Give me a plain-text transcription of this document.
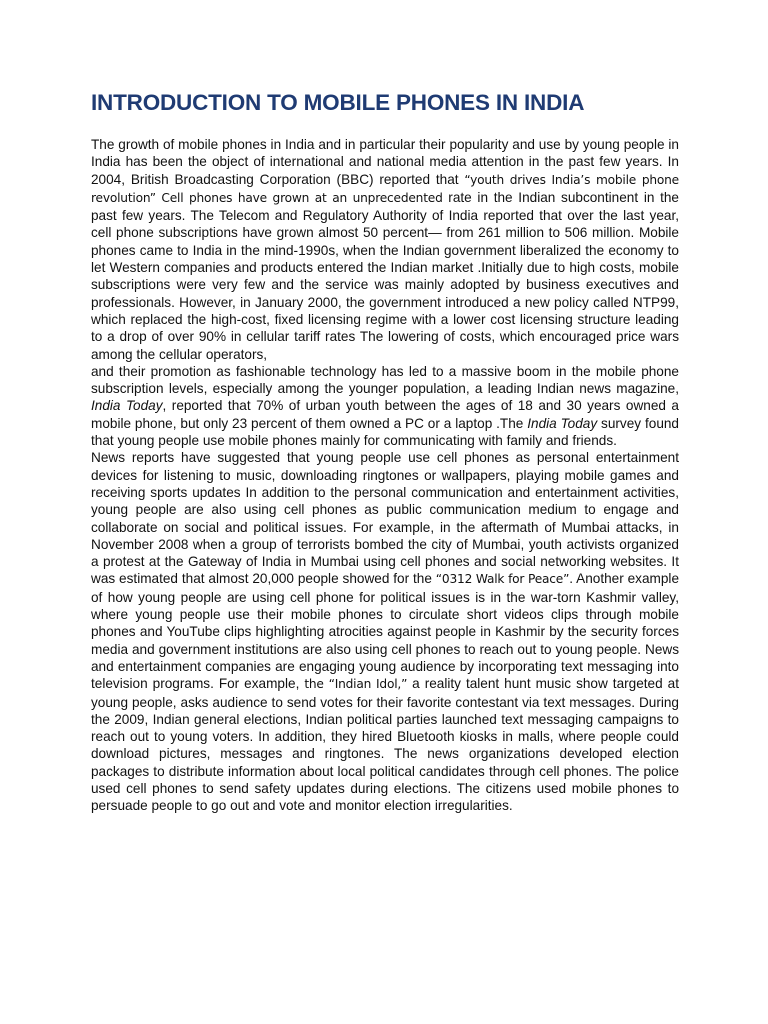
INTRODUCTION TO MOBILE PHONES IN INDIA

The growth of mobile phones in India and in particular their popularity and use by young people in India has been the object of international and national media attention in the past few years. In 2004, British Broadcasting Corporation (BBC) reported that “youth drives India’s mobile phone revolution” Cell phones have grown at an unprecedented rate in the Indian subcontinent in the past few years. The Telecom and Regulatory Authority of India reported that over the last year, cell phone subscriptions have grown almost 50 percent— from 261 million to 506 million. Mobile phones came to India in the mind-1990s, when the Indian government liberalized the economy to let Western companies and products entered the Indian market .Initially due to high costs, mobile subscriptions were very few and the service was mainly adopted by business executives and professionals. However, in January 2000, the government introduced a new policy called NTP99, which replaced the high-cost, fixed licensing regime with a lower cost licensing structure leading to a drop of over 90% in cellular tariff rates The lowering of costs, which encouraged price wars among the cellular operators,

and their promotion as fashionable technology has led to a massive boom in the mobile phone subscription levels, especially among the younger population, a leading Indian news magazine, India Today, reported that 70% of urban youth between the ages of 18 and 30 years owned a mobile phone, but only 23 percent of them owned a PC or a laptop .The India Today survey found that young people use mobile phones mainly for communicating with family and friends.

News reports have suggested that young people use cell phones as personal entertainment devices for listening to music, downloading ringtones or wallpapers, playing mobile games and receiving sports updates In addition to the personal communication and entertainment activities, young people are also using cell phones as public communication medium to engage and collaborate on social and political issues. For example, in the aftermath of Mumbai attacks, in November 2008 when a group of terrorists bombed the city of Mumbai, youth activists organized a protest at the Gateway of India in Mumbai using cell phones and social networking websites. It was estimated that almost 20,000 people showed for the “0312 Walk for Peace”. Another example of how young people are using cell phone for political issues is in the war-torn Kashmir valley, where young people use their mobile phones to circulate short videos clips through mobile phones and YouTube clips highlighting atrocities against people in Kashmir by the security forces media and government institutions are also using cell phones to reach out to young people. News and entertainment companies are engaging young audience by incorporating text messaging into television programs. For example, the “Indian Idol,” a reality talent hunt music show targeted at young people, asks audience to send votes for their favorite contestant via text messages. During the 2009, Indian general elections, Indian political parties launched text messaging campaigns to reach out to young voters. In addition, they hired Bluetooth kiosks in malls, where people could download pictures, messages and ringtones. The news organizations developed election packages to distribute information about local political candidates through cell phones. The police used cell phones to send safety updates during elections. The citizens used mobile phones to persuade people to go out and vote and monitor election irregularities.
